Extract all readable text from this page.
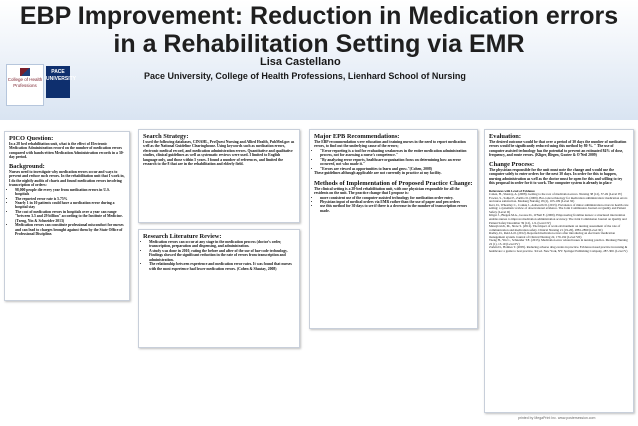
EBP Improvement: Reduction in Medication errors
in a Rehabilitation Setting via EMR
College of Health Professions
PACE UNIVERSITY
Lisa Castellano
Pace University, College of Health Professions, Lienhard School of Nursing
PICO Question:

In a 28 bed rehabilitation unit, what is the effect of Electronic Medication Administration record on the number of medication errors compared with handwritten Medication Administration records in a 30-day period.

Background:

Nurses need to investigate why medication errors occur and ways to prevent and reduce such errors. In the rehabilitation unit that I work in, I do the nightly audits of charts and found medication errors involving transcription of orders:

• 98,000 people die every year from medication errors in U.S. hospitals
• The reported error rate is 5.75%
• Nearly 1 in 10 patients could have a medication error during a hospital stay
• The cost of medication errors in hospitals over a year can range "between 3.5 and 29 billion" according to the Institute of Medicine. (Tzeng, Yin & Schneider 2013)
• Medication errors can constitute professional misconduct for nurses and can lead to charges brought against them by the State Office of Professional Discipline.
Search Strategy:

I used the following databases, CINAHL, ProQuest Nursing and Allied Health, PubMed.gov as well as the National Guideline Clearinghouse. Using keywords such as medication errors, electronic medical record, and medication administration errors. Quantitative and qualitative studies, clinical guidelines as well as systematic reviews were used. I limited to English language only, and those within 5 years. I found a number of references, and limited the research to the 8 that are in the rehabilitation and elderly field.

Research Literature Review:
• Medication errors can occur at any stage in the medication process (doctor's order, transcription, preparation and dispensing, and administration.
• A study was done in 2010, rating the before and after of the use of bar-code technology. Findings showed the significant reduction in the rate of errors from transcription and administration.
• The relationship between experience and medication error rates. It was found that nurses with the most experience had lower medication errors. (Cohen & Shastay, 2008)
Major EPB Recommendations:

The EBP recommendation were education and training nurses in the need to report medication errors, to find out the underlying cause of the errors;

• "Error reporting is a tool for evaluating weaknesses in the entire medication administration process, not for assessing a nurse's competence."
• "By analyzing error reports, healthcare organization focus on determining how an error occurred, not who made it."
• "Errors are viewed as opportunities to learn and grow."(Cohen, 2008)

These guidelines although applicable are not currently in practice at my facility.

Methods of Implementation of Proposed Practice Change:

The clinical setting is a 28-bed rehabilitation unit, with one physician responsible for all the residents on the unit. The practice change that I propose is:

• more consistent use of the computer-assisted technology for medication order entry.
• Physician input of medical orders via EMR rather than the use of paper and pen orders
• use this method for 30 days to see if there is a decrease in the number of transcription errors made.
Evaluation:

The desired outcome would be that over a period of 30 days the number of medication errors would be significantly reduced using this method by 80 %. " The use of computer assisted technology has the potential to prevent an estimated 84% of dose, frequency, and route errors. (Kliger, Blegen, Gootee & O'Neil 2009)

Change Process:

The physician responsible for the unit must note the change and would use the computer solely to enter orders for the next 30 days. In order for this to happen, nursing administration as well as the doctor must be open for this and willing to try this proposal in order for it to work. The computer system is already in place

References with Level of Evidence

Cohen, H., Shastay, A. (2008). Getting to the root of medication errors. Nursing 38 (12), 37-49 (Level IV)

Fowler, S., Sohler P., Zarillo D. (2009). Bar-code technology for medication administration: medication errors and nurse satisfaction. Medsurg Nursing 18 (2), 103-109 (Level XI)

Kerr, D., Wheatley C., Conkie J., Ashworth D. (2013). Prevalence of minor administration errors in health care setting: a systematic review of observational evidence. The Joint Commission Journal on Quality and Patient Safety (Level II)

Kliger J., Blegen M.A., Gootee D., O'Neil E. (2009). Empowering frontline nurses: a structured intervention enables nurses to improve medication administration accuracy. The Joint Commission Journal on Quality and Patient Safety December 39 (12), 1-9. (Level IV)

Manojlovich, M., Shaw S. (2012). The impact of work environment on nursing assessment of the role of communication and medication safety. Clinical Nursing 21 (19-20), 2881-2890 (Level XI)

Radley, D., Reid A.D. (2012). Reported medication errors after introducing an electronic medication management system. Journal of Clinical Nursing 22, 179-192 (Level VII)

Tzeng H., Yin C., Schneider T.E. (2013). Medication error related issues in nursing practice. Medsurg Nursing 22 (1), 13-19 (Level IV)

Zorkin D., Holmes T. (2005). Reducing adverse drug events in practice. Evidence-based practice in nursing & healthcare: a guide to best practice. 3rd ed. New York, NY: Springer Publishing Company, 287-300. (Level V)

printed by MegaPrint Inc. www.postersession.com
